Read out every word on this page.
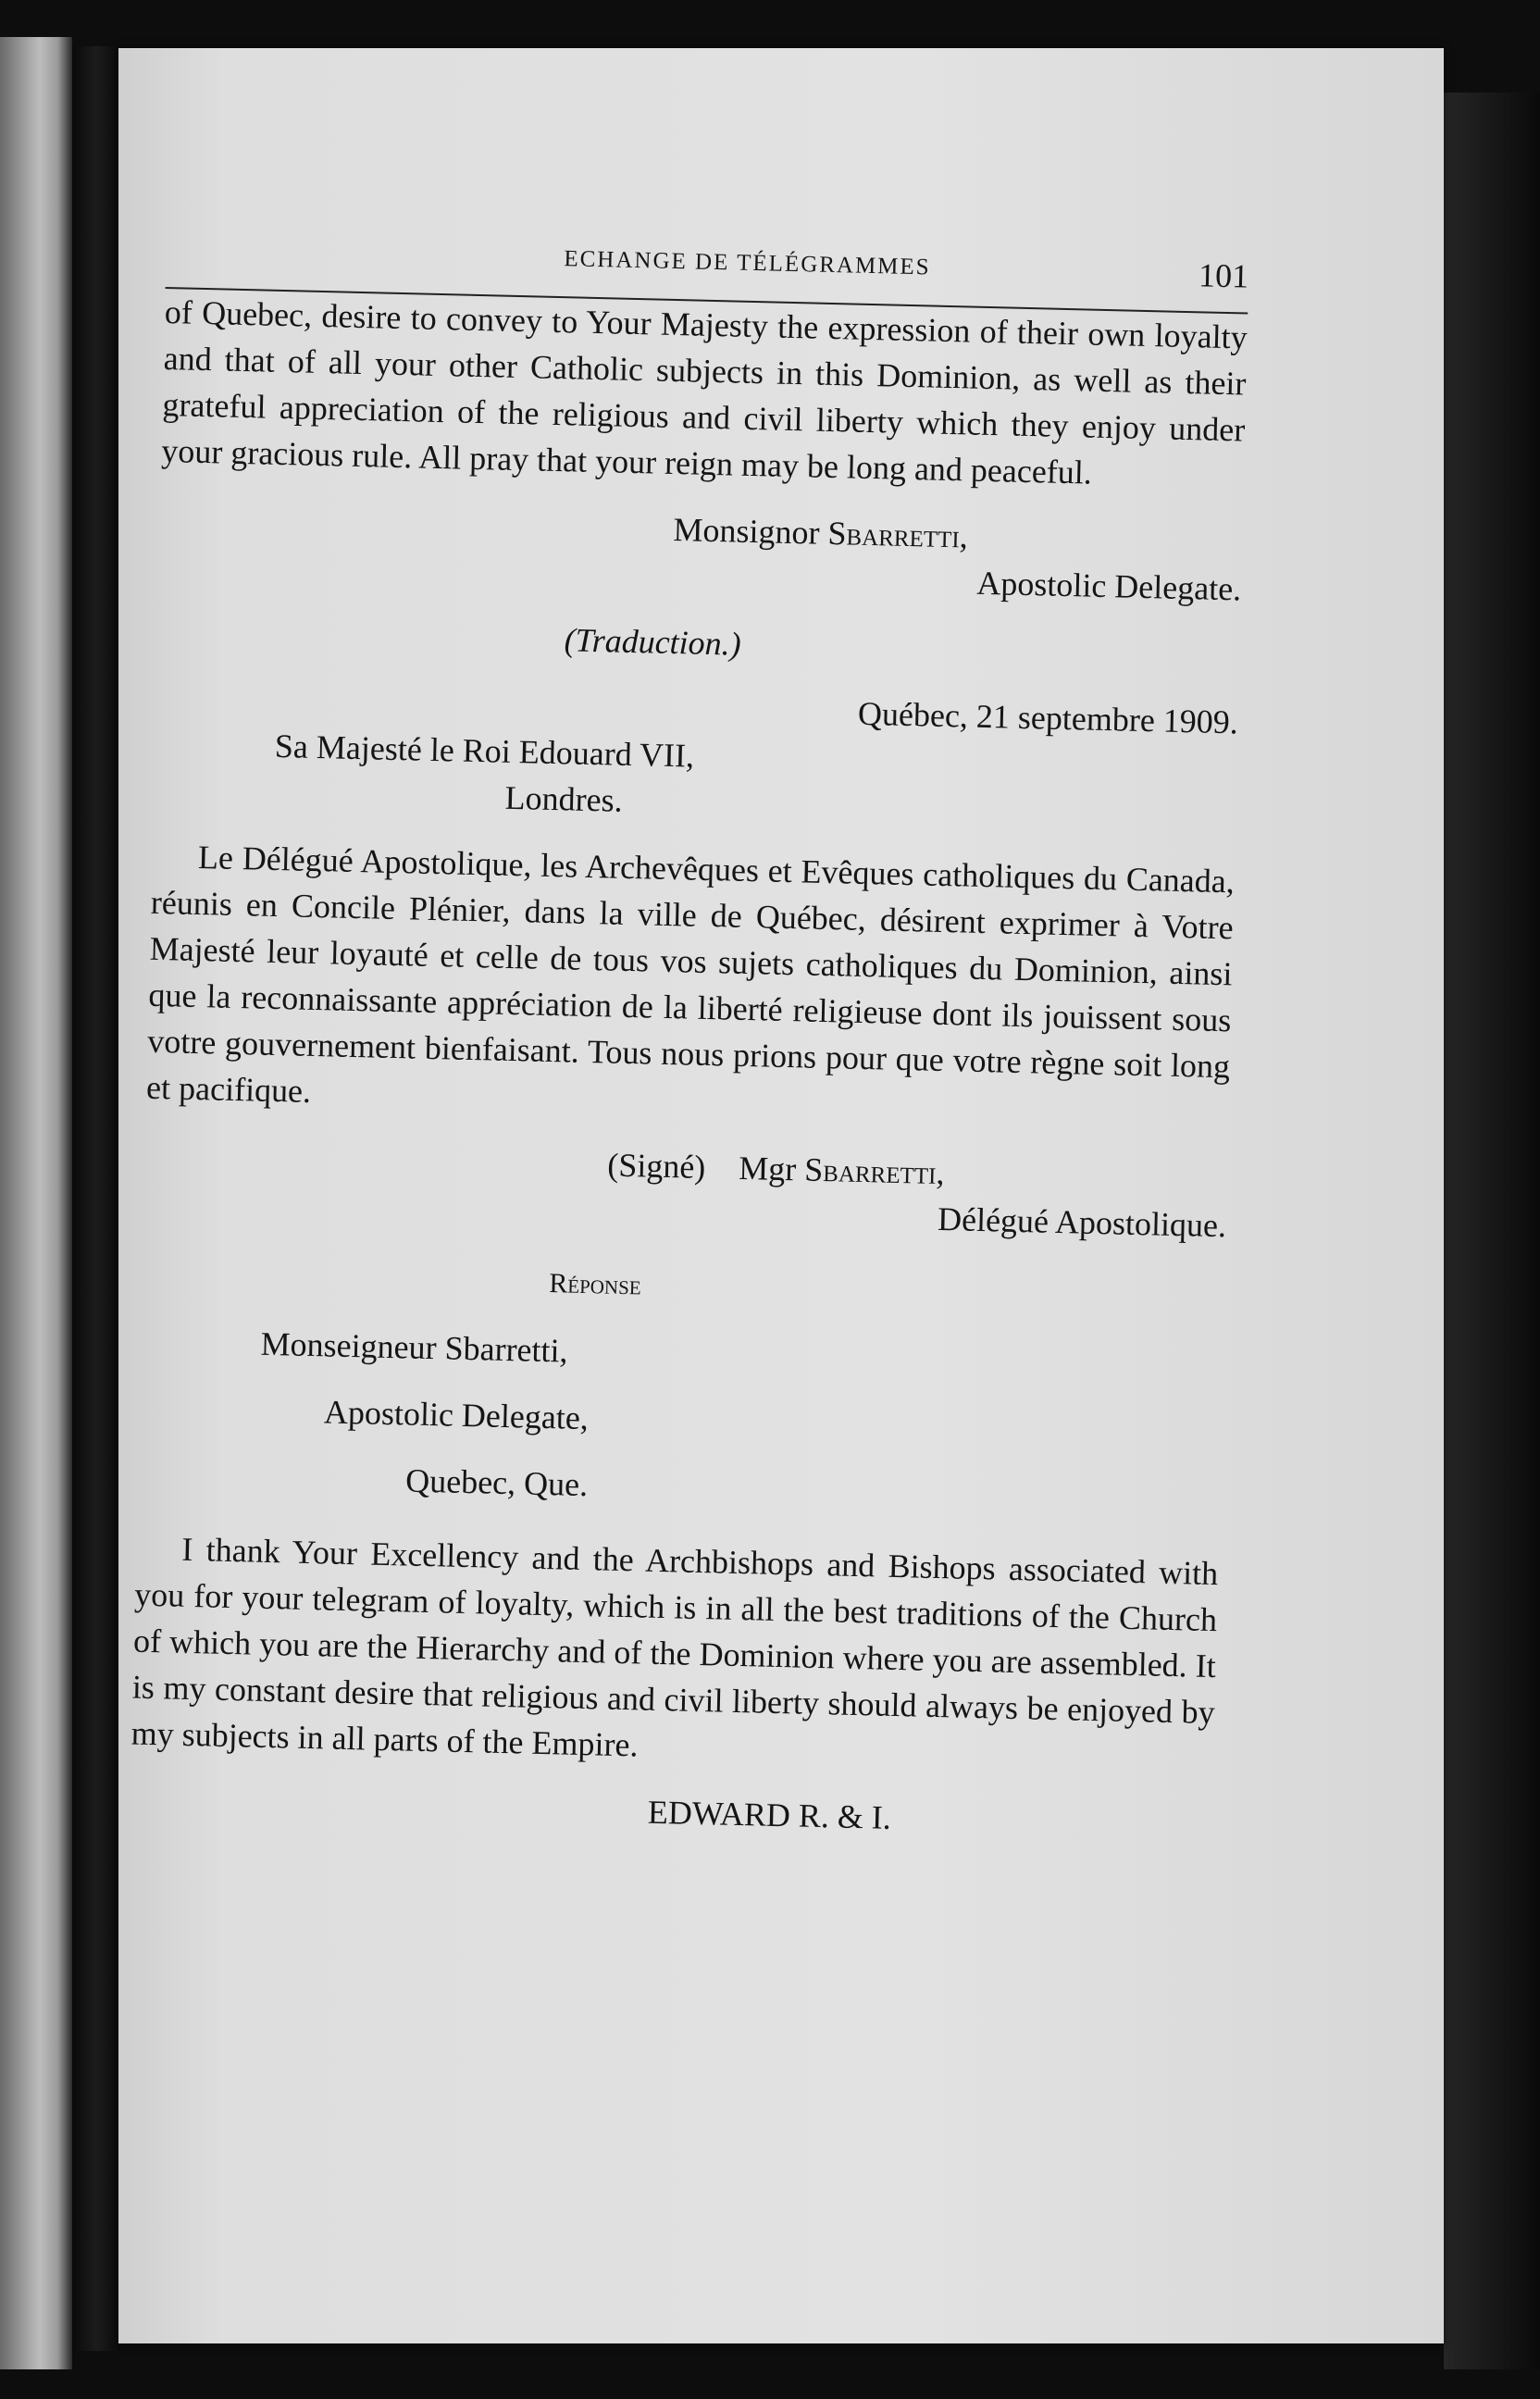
ECHANGE DE TÉLÉGRAMMES	101

of Quebec, desire to convey to Your Majesty the expression of their own loyalty and that of all your other Catholic subjects in this Dominion, as well as their grateful appreciation of the religious and civil liberty which they enjoy under your gracious rule. All pray that your reign may be long and peaceful.

Monsignor Sbarretti,
Apostolic Delegate.
(Traduction.)
Québec, 21 septembre 1909.
Sa Majesté le Roi Edouard VII,
Londres.

Le Délégué Apostolique, les Archevêques et Evêques catholiques du Canada, réunis en Concile Plénier, dans la ville de Québec, désirent exprimer à Votre Majesté leur loyauté et celle de tous vos sujets catholiques du Dominion, ainsi que la reconnaissante appréciation de la liberté religieuse dont ils jouissent sous votre gouvernement bienfaisant. Tous nous prions pour que votre règne soit long et pacifique.

(Signé) Mgr Sbarretti,
Délégué Apostolique.
Réponse
Monseigneur Sbarretti,
Apostolic Delegate,
Quebec, Que.

I thank Your Excellency and the Archbishops and Bishops associated with you for your telegram of loyalty, which is in all the best traditions of the Church of which you are the Hierarchy and of the Dominion where you are assembled. It is my constant desire that religious and civil liberty should always be enjoyed by my subjects in all parts of the Empire.

EDWARD R. & I.
